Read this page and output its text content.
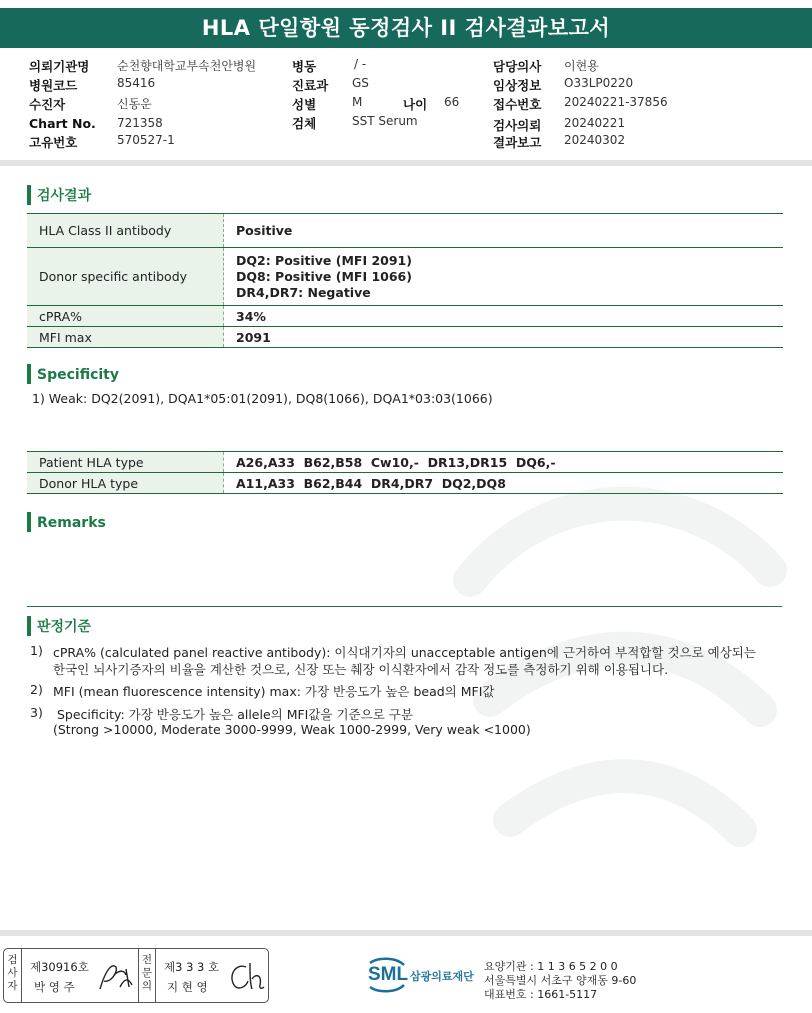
HLA 단일항원 동정검사 II 검사결과보고서
의뢰기관명 순천향대학교부속천안병원
병원코드	85416
수진자	신동운
Chart No. 721358
고유번호	570527-1
병동	/ -
진료과 GS
성별	M	나이 66
검체	SST Serum
담당의사 이현용
임상정보 O33LP0220
접수번호 20240221-37856
검사의뢰 20240221
결과보고 20240302
검사결과
HLA Class II antibody	Positive
Donor specific antibody	DQ2: Positive (MFI 2091)
DQ8: Positive (MFI 1066)
DR4,DR7: Negative

cPRA%	34%
MFI max	2091
Specificity
1) Weak: DQ2(2091), DQA1*05:01(2091), DQ8(1066), DQA1*03:03(1066)
Patient HLA type	A26,A33  B62,B58  Cw10,-  DR13,DR15  DQ6,-
Donor HLA type	A11,A33  B62,B44  DR4,DR7  DQ2,DQ8
Remarks
판정기준
1) cPRA% (calculated panel reactive antibody): 이식대기자의 unacceptable antigen에 근거하여 부적합할 것으로 예상되는
한국인 뇌사기증자의 비율을 계산한 것으로, 신장 또는 췌장 이식환자에서 감작 정도를 측정하기 위해 이용됩니다.
2) MFI (mean fluorescence intensity) max: 가장 반응도가 높은 bead의 MFI값
3) Specificity: 가장 반응도가 높은 allele의 MFI값을 기준으로 구분
(Strong >10000, Moderate 3000-9999, Weak 1000-2999, Very weak <1000)
검
사
자
제30916호
박 영 주
전
문
의
제3 3 3 호
지 현 영
SML 삼광의료재단
요양기관 : 1 1 3 6 5 2 0 0
서울특별시 서초구 양재동 9-60
대표번호 : 1661-5117
